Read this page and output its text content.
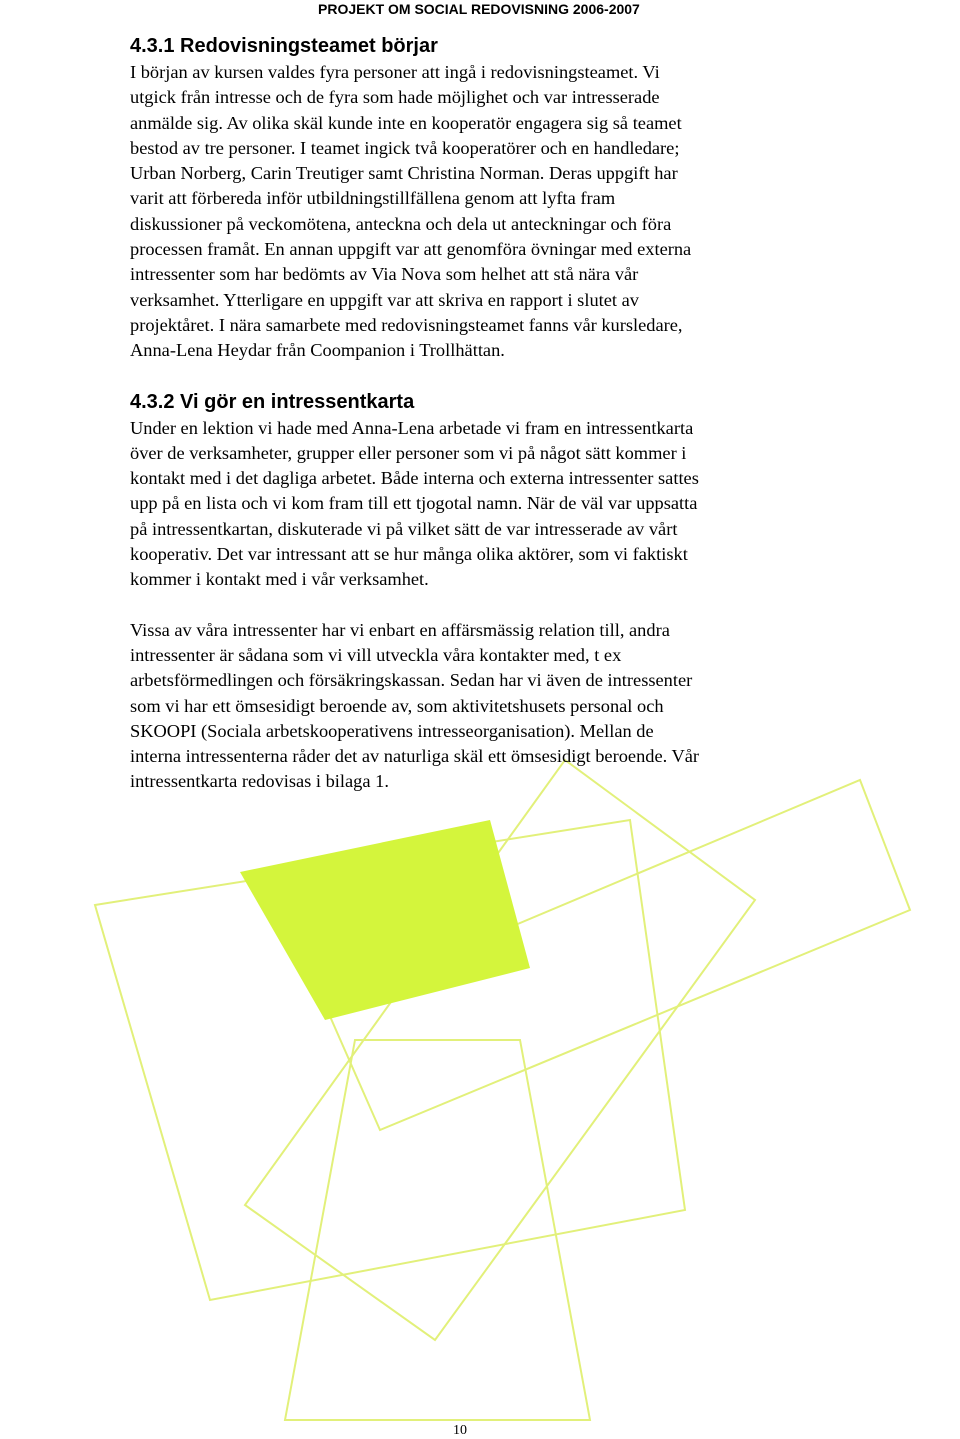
PROJEKT OM SOCIAL REDOVISNING 2006-2007
4.3.1 Redovisningsteamet börjar

I början av kursen valdes fyra personer att ingå i redovisningsteamet. Vi
utgick från intresse och de fyra som hade möjlighet och var intresserade
anmälde sig. Av olika skäl kunde inte en kooperatör engagera sig så teamet
bestod av tre personer. I teamet ingick två kooperatörer och en handledare;
Urban Norberg, Carin Treutiger samt Christina Norman. Deras uppgift har
varit att förbereda inför utbildningstillfällena genom att lyfta fram
diskussioner på veckomötena, anteckna och dela ut anteckningar och föra
processen framåt. En annan uppgift var att genomföra övningar med externa
intressenter som har bedömts av Via Nova som helhet att stå nära vår
verksamhet. Ytterligare en uppgift var att skriva en rapport i slutet av
projektåret. I nära samarbete med redovisningsteamet fanns vår kursledare,
Anna-Lena Heydar från Coompanion i Trollhättan.

4.3.2 Vi gör en intressentkarta

Under en lektion vi hade med Anna-Lena arbetade vi fram en intressentkarta
över de verksamheter, grupper eller personer som vi på något sätt kommer i
kontakt med i det dagliga arbetet. Både interna och externa intressenter sattes
upp på en lista och vi kom fram till ett tjogotal namn. När de väl var uppsatta
på intressentkartan, diskuterade vi på vilket sätt de var intresserade av vårt
kooperativ. Det var intressant att se hur många olika aktörer, som vi faktiskt
kommer i kontakt med i vår verksamhet.

Vissa av våra intressenter har vi enbart en affärsmässig relation till, andra
intressenter är sådana som vi vill utveckla våra kontakter med, t ex
arbetsförmedlingen och försäkringskassan. Sedan har vi även de intressenter
som vi har ett ömsesidigt beroende av, som aktivitetshusets personal och
SKOOPI (Sociala arbetskooperativens intresseorganisation). Mellan de
interna intressenterna råder det av naturliga skäl ett ömsesidigt beroende. Vår
intressentkarta redovisas i bilaga 1.

10
